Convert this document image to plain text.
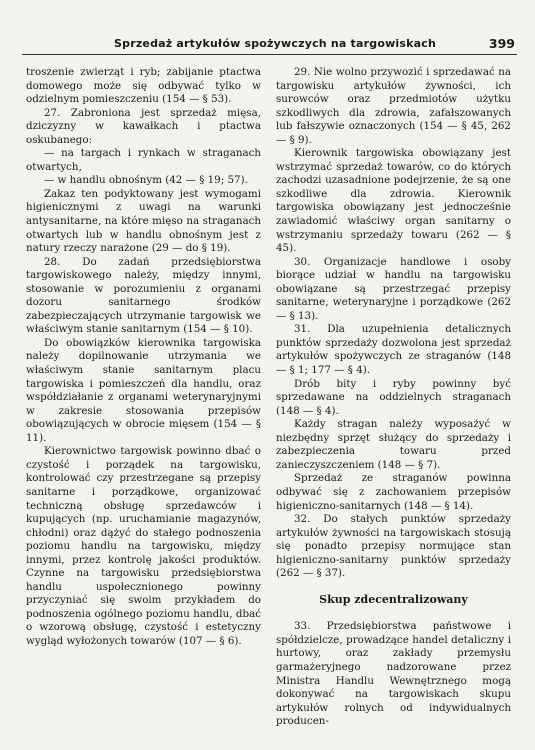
Sprzedaż artykułów spożywczych na targowiskach	399

troszenie zwierząt i ryb; zabijanie ptactwa domowego może się odbywać tylko w odzielnym pomieszczeniu (154 — § 53).

27. Zabroniona jest sprzedaż mięsa, dziczyzny w kawałkach i ptactwa oskubanego:

— na targach i rynkach w straganach otwartych,

— w handlu obnośnym (42 — § 19; 57).

Zakaz ten podyktowany jest wymogami higienicznymi z uwagi na warunki antysanitarne, na które mięso na straganach otwartych lub w handlu obnośnym jest z natury rzeczy narażone (29 — do § 19).

28. Do zadań przedsiębiorstwa targowiskowego należy, między innymi, stosowanie w porozumieniu z organami dozoru sanitarnego środków zabezpieczających utrzymanie targowisk we właściwym stanie sanitarnym (154 — § 10).

Do obowiązków kierownika targowiska należy dopilnowanie utrzymania we właściwym stanie sanitarnym placu targowiska i pomieszczeń dla handlu, oraz współdziałanie z organami weterynaryjnymi w zakresie stosowania przepisów obowiązujących w obrocie mięsem (154 — § 11).

Kierownictwo targowisk powinno dbać o czystość i porządek na targowisku, kontrolować czy przestrzegane są przepisy sanitarne i porządkowe, organizować techniczną obsługę sprzedawców i kupujących (np. uruchamianie magazynów, chłodni) oraz dążyć do stałego podnoszenia poziomu handlu na targowisku, między innymi, przez kontrolę jakości produktów. Czynne na targowisku przedsiębiorstwa handlu uspołecznionego powinny przyczyniać się swoim przykładem do podnoszenia ogólnego poziomu handlu, dbać o wzorową obsługę, czystość i estetyczny wygląd wyłożonych towarów (107 — § 6).

29. Nie wolno przywozić i sprzedawać na targowisku artykułów żywności, ich surowców oraz przedmiotów użytku szkodliwych dla zdrowia, zafałszowanych lub fałszywie oznaczonych (154 — § 45, 262 — § 9).

Kierownik targowiska obowiązany jest wstrzymać sprzedaż towarów, co do których zachodzi uzasadnione podejrzenie, że są one szkodliwe dla zdrowia. Kierownik targowiska obowiązany jest jednocześnie zawiadomić właściwy organ sanitarny o wstrzymaniu sprzedaży towaru (262 — § 45).

30. Organizacje handlowe i osoby biorące udział w handlu na targowisku obowiązane są przestrzegać przepisy sanitarne, weterynaryjne i porządkowe (262 — § 13).

31. Dla uzupełnienia detalicznych punktów sprzedaży dozwolona jest sprzedaż artykułów spożywczych ze straganów (148 — § 1; 177 — § 4).

Drób bity i ryby powinny być sprzedawane na oddzielnych straganach (148 — § 4).

Każdy stragan należy wyposażyć w niezbędny sprzęt służący do sprzedaży i zabezpieczenia towaru przed zanieczyszczeniem (148 — § 7).

Sprzedaż ze straganów powinna odbywać się z zachowaniem przepisów higieniczno-sanitarnych (148 — § 14).

32. Do stałych punktów sprzedaży artykułów żywności na targowiskach stosują się ponadto przepisy normujące stan higieniczno-sanitarny punktów sprzedaży (262 — § 37).

Skup zdecentralizowany

33. Przedsiębiorstwa państwowe i spółdzielcze, prowadzące handel detaliczny i hurtowy, oraz zakłady przemysłu garmażeryjnego nadzorowane przez Ministra Handlu Wewnętrznego mogą dokonywać na targowiskach skupu artykułów rolnych od indywidualnych producen-
